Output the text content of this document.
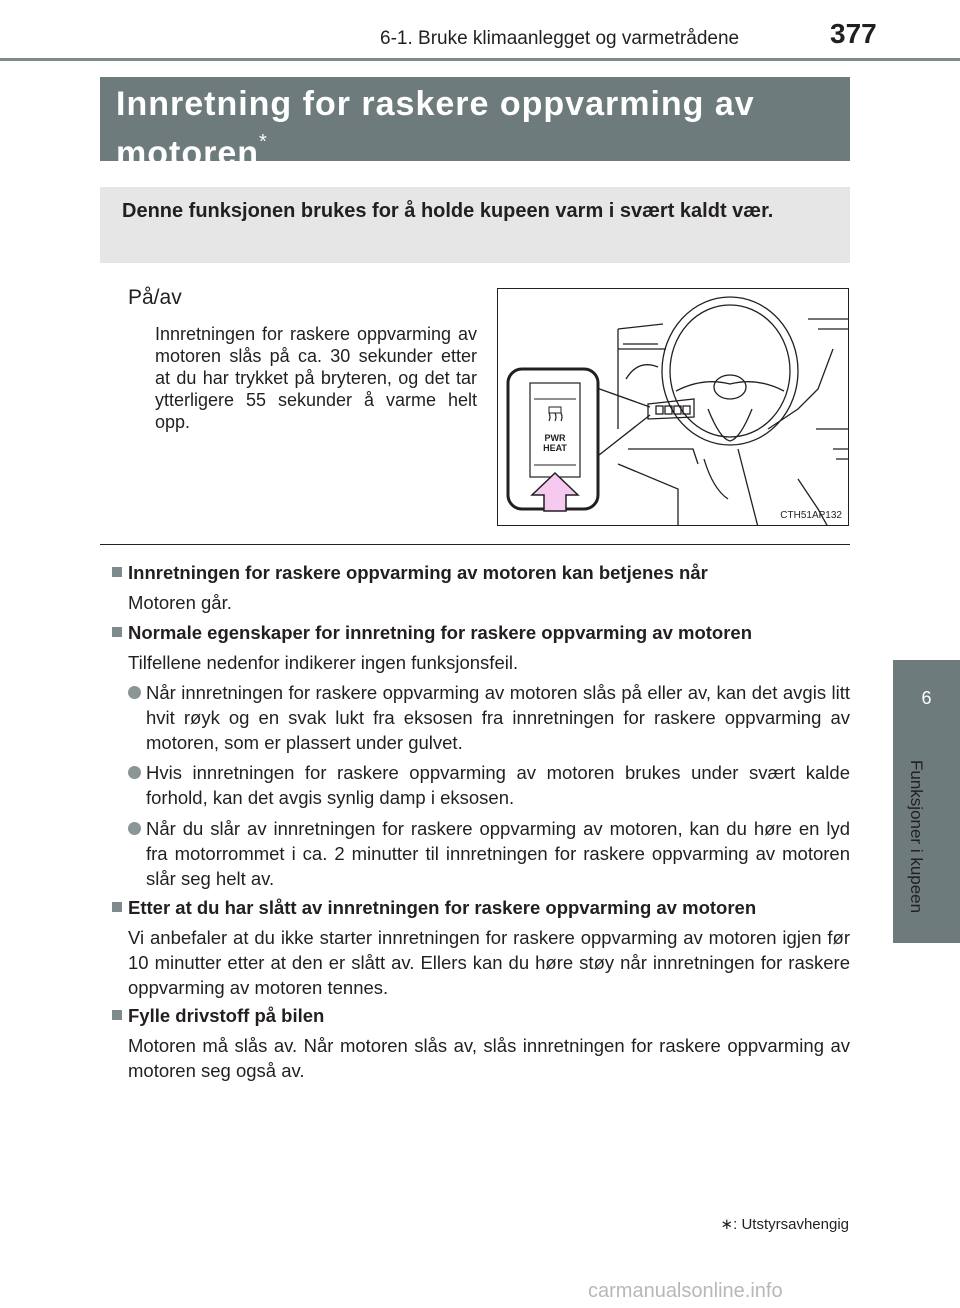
6-1. Bruke klimaanlegget og varmetrådene	377
Innretning for raskere oppvarming av motoren*
Denne funksjonen brukes for å holde kupeen varm i svært kaldt vær.
På/av
Innretningen for raskere oppvarming av motoren slås på ca. 30 sekunder etter at du har trykket på bryteren, og det tar ytterligere 55 sekunder å varme helt opp.
PWR
HEAT
CTH51AP132
Innretningen for raskere oppvarming av motoren kan betjenes når
Motoren går.
Normale egenskaper for innretning for raskere oppvarming av motoren
Tilfellene nedenfor indikerer ingen funksjonsfeil.
Når innretningen for raskere oppvarming av motoren slås på eller av, kan det avgis litt hvit røyk og en svak lukt fra eksosen fra innretningen for raskere oppvarming av motoren, som er plassert under gulvet.
Hvis innretningen for raskere oppvarming av motoren brukes under svært kalde forhold, kan det avgis synlig damp i eksosen.
Når du slår av innretningen for raskere oppvarming av motoren, kan du høre en lyd fra motorrommet i ca. 2 minutter til innretningen for raskere oppvarming av motoren slår seg helt av.
Etter at du har slått av innretningen for raskere oppvarming av motoren
Vi anbefaler at du ikke starter innretningen for raskere oppvarming av motoren igjen før 10 minutter etter at den er slått av. Ellers kan du høre støy når innretningen for raskere oppvarming av motoren tennes.
Fylle drivstoff på bilen
Motoren må slås av. Når motoren slås av, slås innretningen for raskere oppvarming av motoren seg også av.
6
Funksjoner i kupeen
∗: Utstyrsavhengig
carmanualsonline.info
